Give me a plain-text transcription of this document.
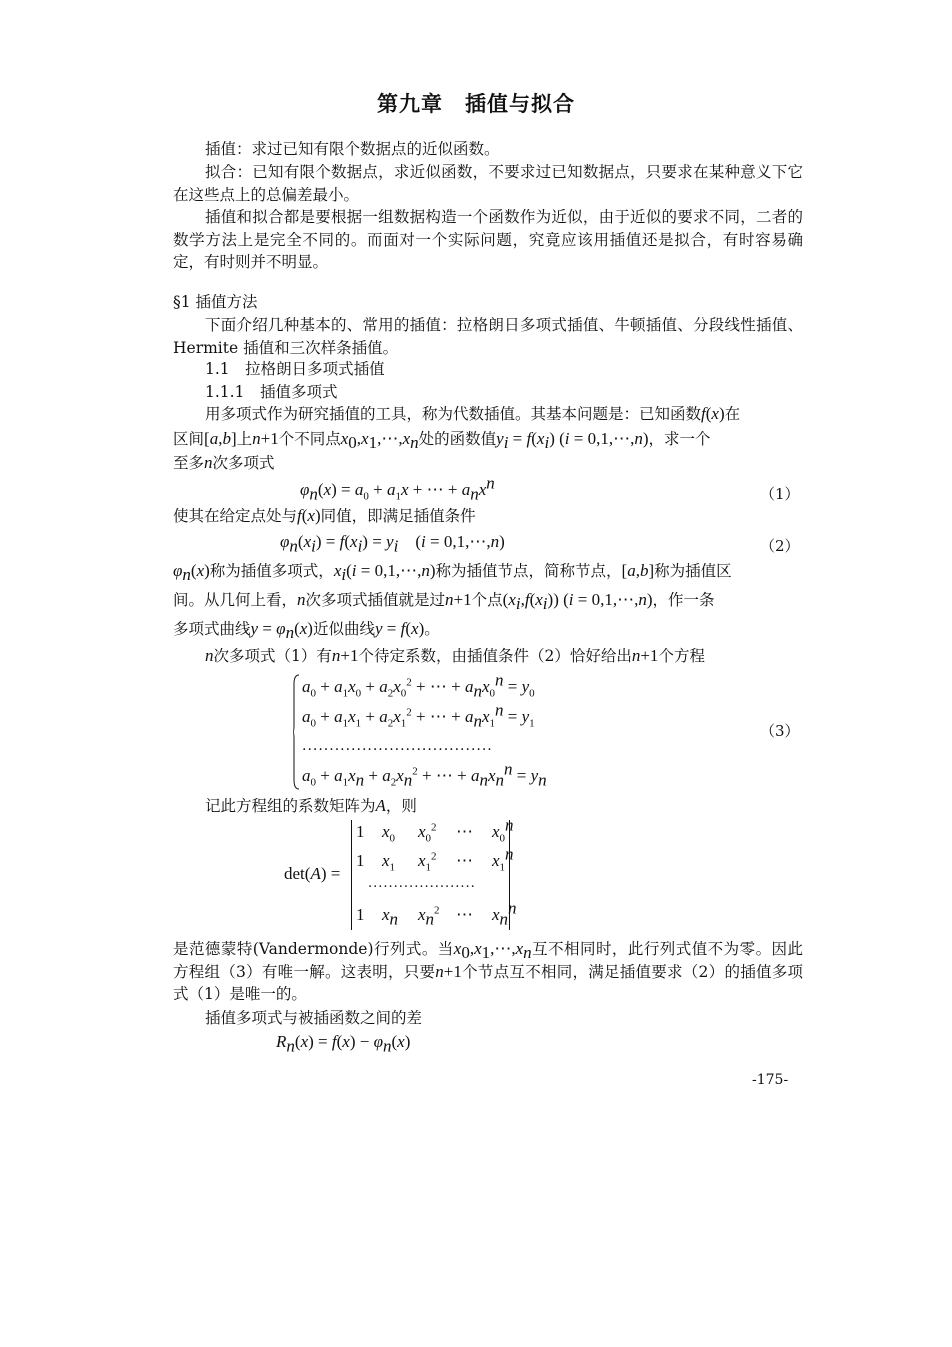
第九章　插值与拟合
插值：求过已知有限个数据点的近似函数。
拟合：已知有限个数据点，求近似函数，不要求过已知数据点，只要求在某种意义下它在这些点上的总偏差最小。
插值和拟合都是要根据一组数据构造一个函数作为近似，由于近似的要求不同，二者的数学方法上是完全不同的。而面对一个实际问题，究竟应该用插值还是拟合，有时容易确定，有时则并不明显。
§1 插值方法
下面介绍几种基本的、常用的插值：拉格朗日多项式插值、牛顿插值、分段线性插值、Hermite 插值和三次样条插值。
1.1　拉格朗日多项式插值
1.1.1　插值多项式
用多项式作为研究插值的工具，称为代数插值。其基本问题是：已知函数f(x)在
区间[a,b]上n+1个不同点$x_0,x_1,\cdots,x_n$处的函数值$y_i = f(x_i) (i$ = 0,1,⋯,n)，求一个
至多n次多项式
$\varphi_n(x) = a_0 + a_1x$ + ⋯ + $a_nx^n$
（1）
使其在给定点处与f(x)同值，即满足插值条件
$\varphi_n(x_i) = f(x_i) = y_i$    (i = 0,1,⋯,n)	（2）
$\varphi_n(x)$称为插值多项式，$x_i(i$ = 0,1,⋯,n)称为插值节点，简称节点，[a,b]称为插值区
间。从几何上看，n次多项式插值就是过n+1个点$(x_i,f(x_i)) (i$ = 0,1,⋯,n)，作一条
多项式曲线$y = \varphi_n(x)$近似曲线y = f(x)。
n次多项式（1）有n+1个待定系数，由插值条件（2）恰好给出n+1个方程
$a_0 + a_1x_0 + a_2x_0^2$ + ⋯ + $a_nx_0^n = y_0$
$a_0 + a_1x_1 + a_2x_1^2$ + ⋯ + $a_nx_1^n = y_1$
...................................
$a_0 + a_1x_n + a_2x_n^2$ + ⋯ + $a_nx_n^n = y_n$
（3）
记此方程组的系数矩阵为A，则
det(A) =
1 $x_0$ $x_0^2$ ⋯ $x_0^n$
1 $x_1$ $x_1^2$ ⋯ $x_1^n$
.....................
1 $x_n$ $x_n^2$ ⋯ $x_n^n$
是范德蒙特(Vandermonde)行列式。当$x_0,x_1,\cdots,x_n$互不相同时，此行列式值不为零。因此方程组（3）有唯一解。这表明，只要n+1个节点互不相同，满足插值要求（2）的插值多项式（1）是唯一的。
插值多项式与被插函数之间的差
$R_n(x) = f(x) - \varphi_n(x)$
-175-
